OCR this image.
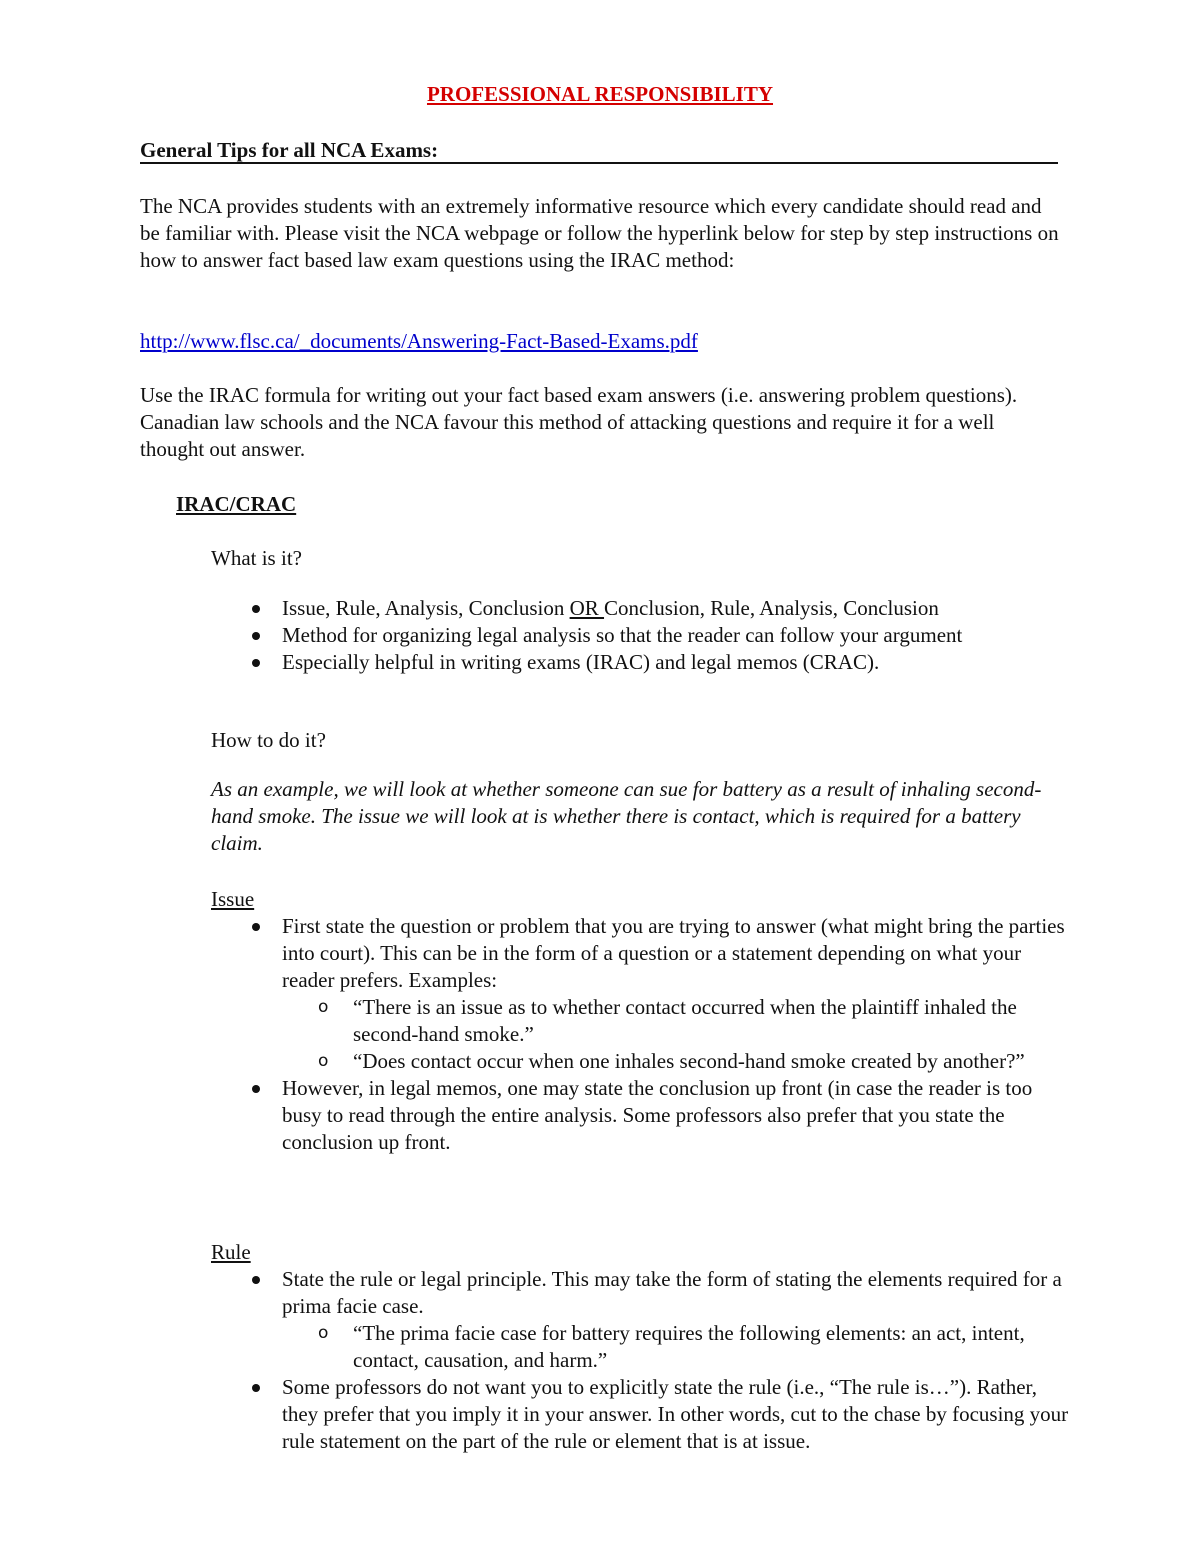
PROFESSIONAL RESPONSIBILITY
General Tips for all NCA Exams:

The NCA provides students with an extremely informative resource which every candidate should read and be familiar with. Please visit the NCA webpage or follow the hyperlink below for step by step instructions on how to answer fact based law exam questions using the IRAC method:

http://www.flsc.ca/_documents/Answering-Fact-Based-Exams.pdf

Use the IRAC formula for writing out your fact based exam answers (i.e. answering problem questions). Canadian law schools and the NCA favour this method of attacking questions and require it for a well thought out answer.

IRAC/CRAC
What is it?
Issue, Rule, Analysis, Conclusion OR Conclusion, Rule, Analysis, Conclusion
Method for organizing legal analysis so that the reader can follow your argument
Especially helpful in writing exams (IRAC) and legal memos (CRAC).
How to do it?

As an example, we will look at whether someone can sue for battery as a result of inhaling second-hand smoke. The issue we will look at is whether there is contact, which is required for a battery claim.

Issue
First state the question or problem that you are trying to answer (what might bring the parties into court). This can be in the form of a question or a statement depending on what your reader prefers. Examples:
o “There is an issue as to whether contact occurred when the plaintiff inhaled the second-hand smoke.”
o “Does contact occur when one inhales second-hand smoke created by another?”
However, in legal memos, one may state the conclusion up front (in case the reader is too busy to read through the entire analysis. Some professors also prefer that you state the conclusion up front.
Rule
State the rule or legal principle. This may take the form of stating the elements required for a prima facie case.
o “The prima facie case for battery requires the following elements: an act, intent, contact, causation, and harm.”
Some professors do not want you to explicitly state the rule (i.e., “The rule is…”). Rather, they prefer that you imply it in your answer. In other words, cut to the chase by focusing your rule statement on the part of the rule or element that is at issue.
